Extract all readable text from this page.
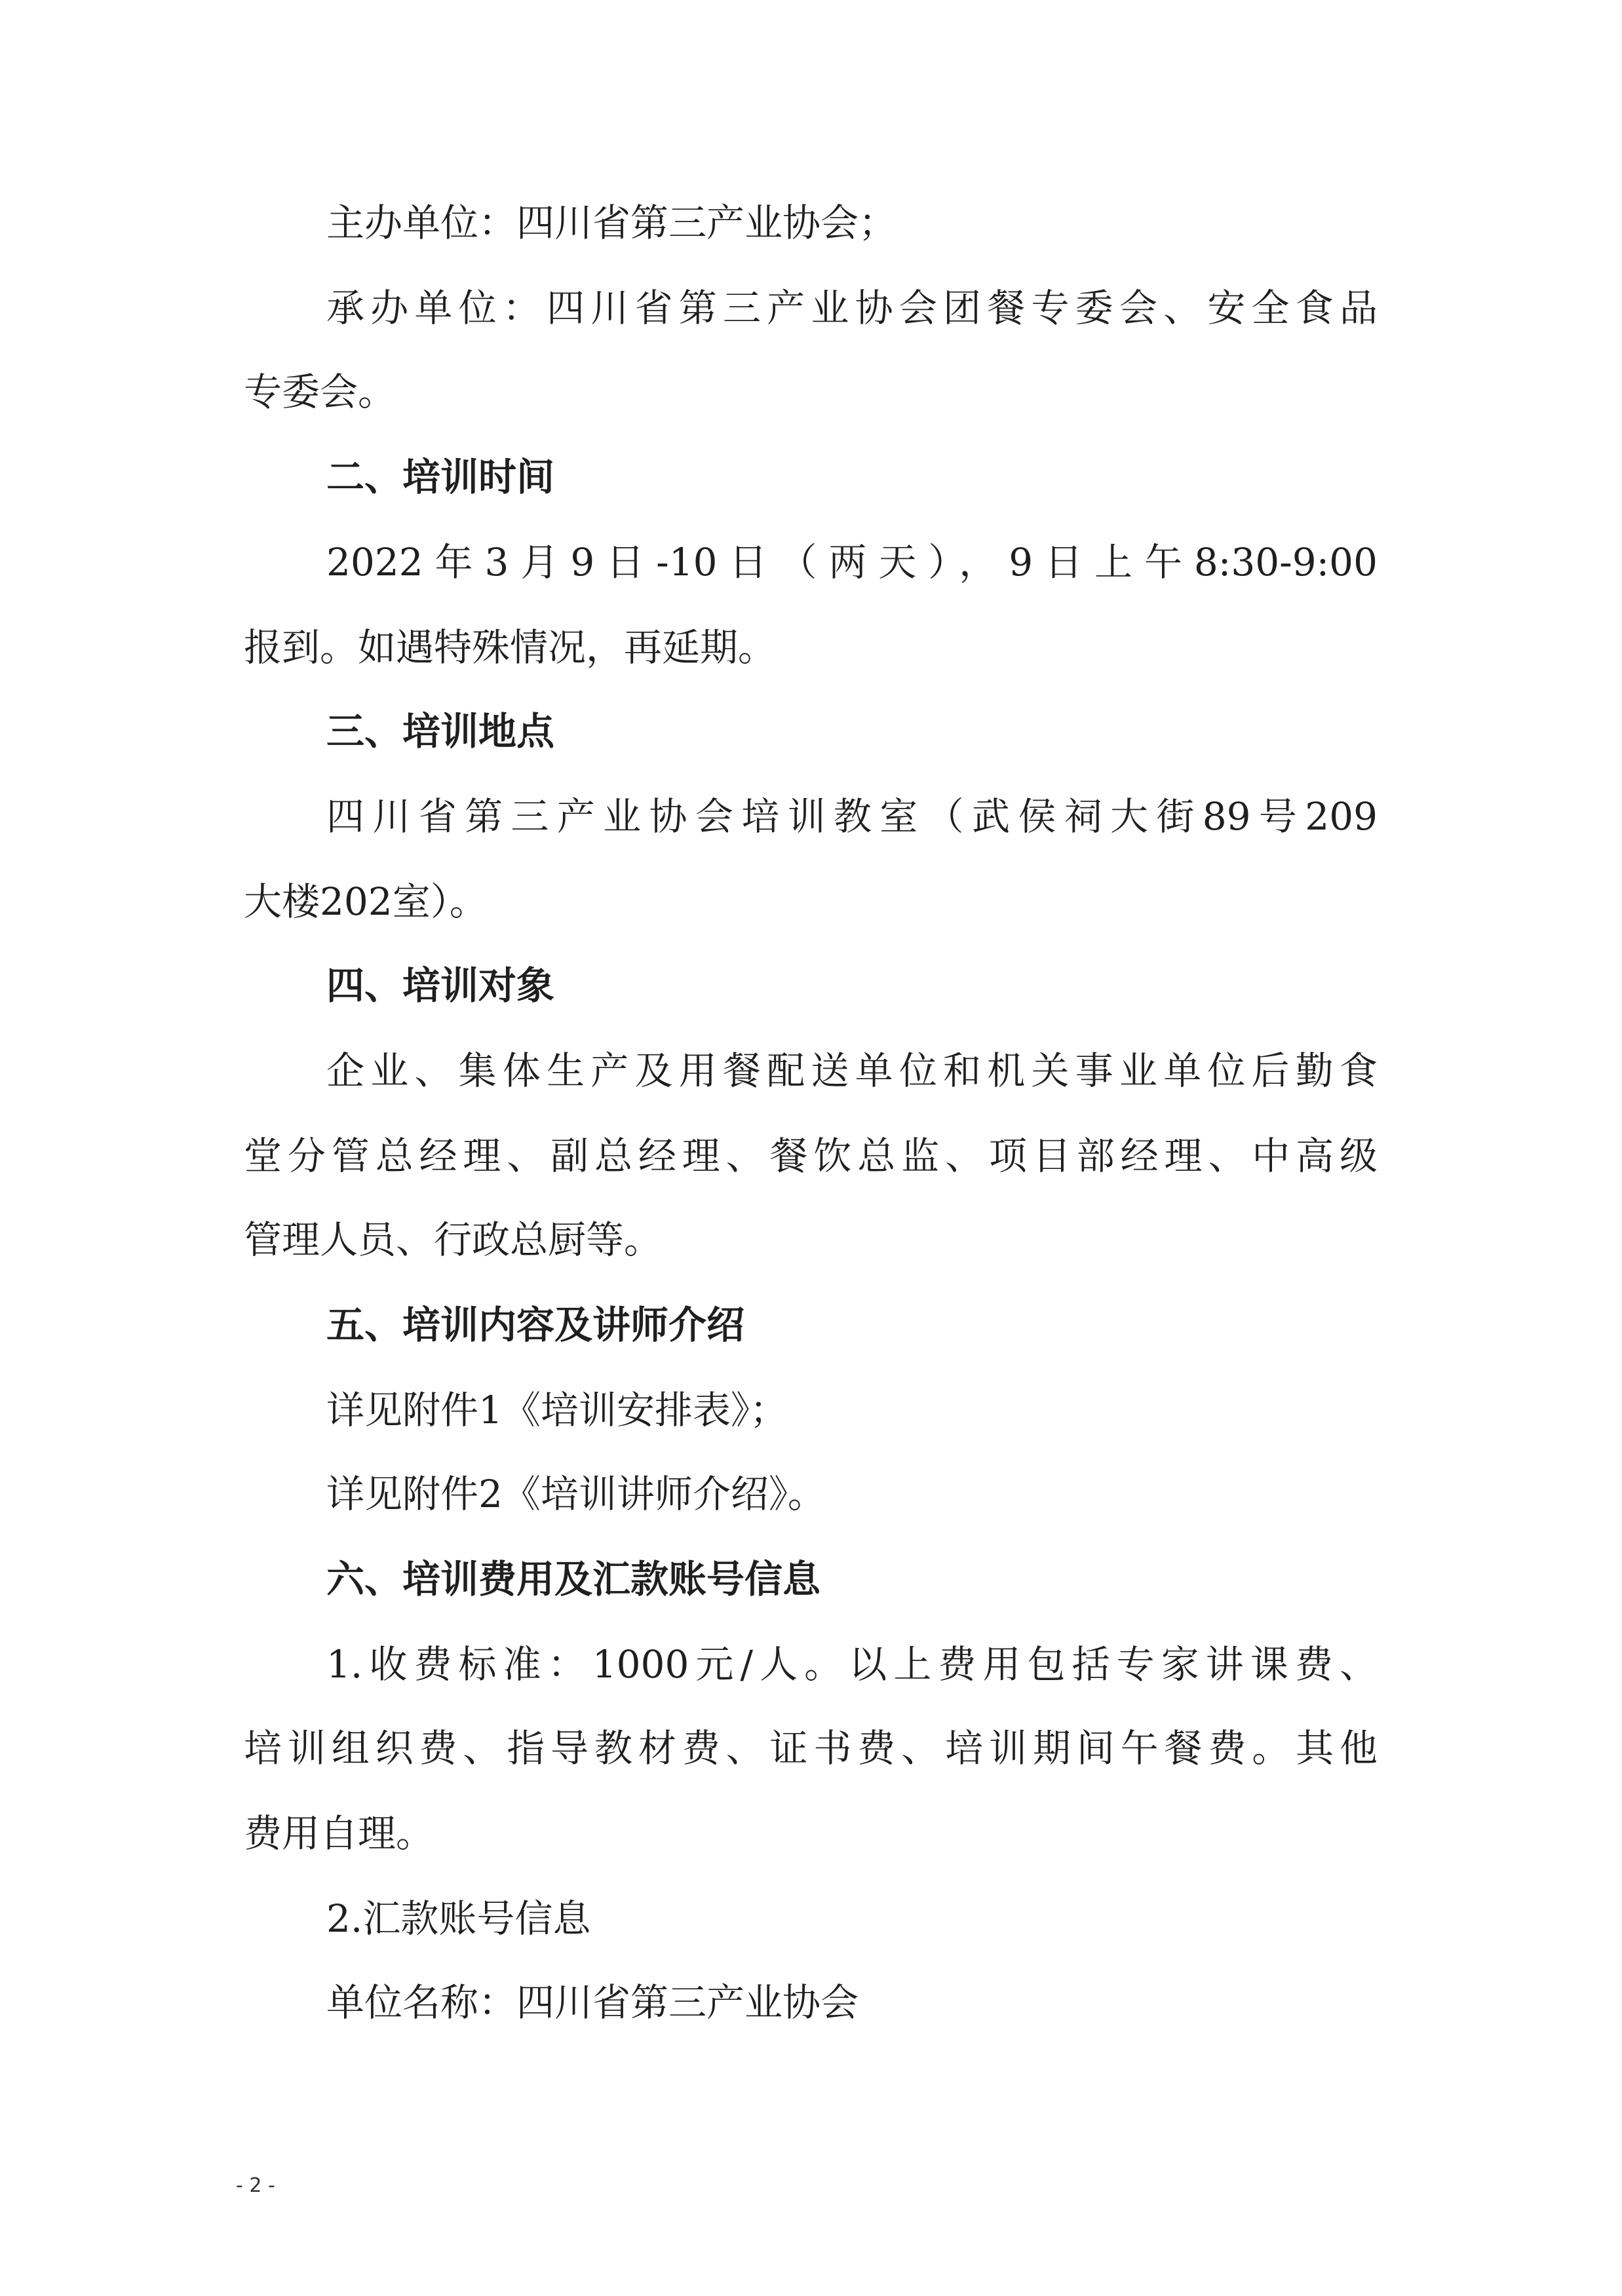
主办单位：四川省第三产业协会；

承办单位：四川省第三产业协会团餐专委会、安全食品

专委会。

二、培训时间

2022年3月9日-10日（两天），9日上午8:30-9:00

报到。如遇特殊情况，再延期。

三、培训地点

四川省第三产业协会培训教室（武侯祠大街89号209

大楼202室）。

四、培训对象

企业、集体生产及用餐配送单位和机关事业单位后勤食

堂分管总经理、副总经理、餐饮总监、项目部经理、中高级

管理人员、行政总厨等。

五、培训内容及讲师介绍

详见附件1《培训安排表》；

详见附件2《培训讲师介绍》。

六、培训费用及汇款账号信息

1.收费标准：1000元/人。以上费用包括专家讲课费、

培训组织费、指导教材费、证书费、培训期间午餐费。其他

费用自理。

2.汇款账号信息

单位名称：四川省第三产业协会

- 2 -
